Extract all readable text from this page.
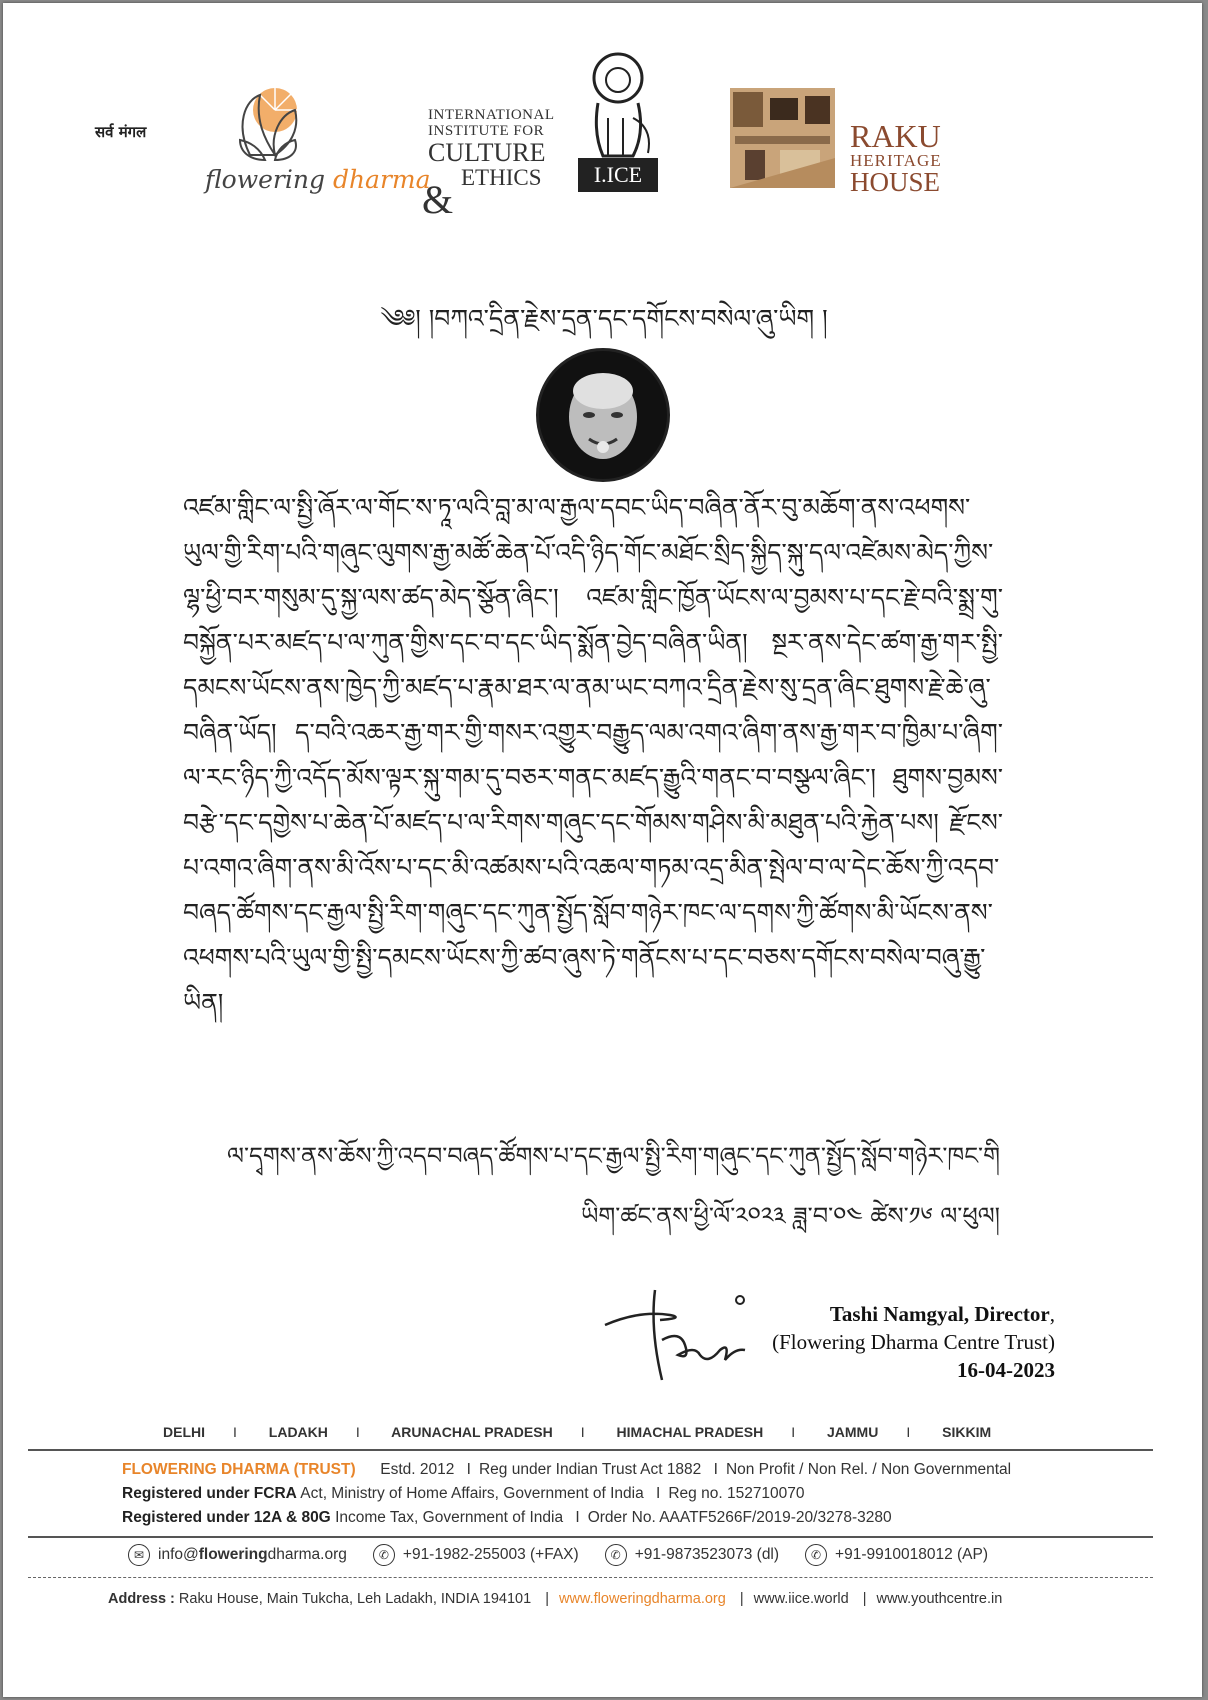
सर्व मंगल
flowering dharma
INTERNATIONAL
INSTITUTE FOR
CULTURE
& ETHICS	I.ICE
RAKU
HERITAGE
HOUSE
༄༅། །བཀའ་དྲིན་རྗེས་དྲན་དང་དགོངས་བསེལ་ཞུ་ཡིག །
འཛམ་གླིང་ལ་སྤྱི་ཞོར་ལ་གོང་ས་ཏཱ་ལའི་བླ་མ་ལ་རྒྱལ་དབང་ཡིད་བཞིན་ནོར་བུ་མཆོག་ནས་འཕགས་ཡུལ་གྱི་རིག་པའི་གཞུང་ལུགས་རྒྱ་མཚོ་ཆེན་པོ་འདི་ཉིད་གོང་མཐོང་སྲིད་སྐྱིད་སྐུ་དལ་འཛེམས་མེད་ཀྱིས་ལྷ་ཕྱི་བར་གསུམ་དུ་སྐྱ་ལས་ཚད་མེད་སྩོན་ཞིང་། འཛམ་གླིང་ཁྱོན་ཡོངས་ལ་བྱམས་པ་དང་རྗེ་བའི་སྨྲ་གུ་བསྐྱོན་པར་མཛད་པ་ལ་ཀུན་གྱིས་དང་བ་དང་ཡིད་སྨོན་བྱེད་བཞིན་ཡིན། སྔར་ནས་དེང་ཚག་རྒྱ་གར་སྤྱི་དམངས་ཡོངས་ནས་ཁྱེད་ཀྱི་མཛད་པ་རྣམ་ཐར་ལ་ནམ་ཡང་བཀའ་དྲིན་རྗེས་སུ་དྲན་ཞིང་ཐུགས་རྗེ་ཆེ་ཞུ་བཞིན་ཡོད། ད་བའི་འཆར་རྒྱ་གར་གྱི་གསར་འགྱུར་བརྒྱུད་ལམ་འགའ་ཞིག་ནས་རྒྱ་གར་བ་ཁྱིམ་པ་ཞིག་ལ་རང་ཉིད་ཀྱི་འདོད་མོས་ལྟར་སྐུ་གམ་དུ་བཅར་གནང་མཛད་རྒྱུའི་གནང་བ་བསྩལ་ཞིང་། ཐུགས་བྱམས་བརྩེ་དང་དགྱེས་པ་ཆེན་པོ་མཛད་པ་ལ་རིགས་གཞུང་དང་གོམས་གཤིས་མི་མཐུན་པའི་རྐྱེན་པས། རྫོངས་པ་འགའ་ཞིག་ནས་མི་འོས་པ་དང་མི་འཚམས་པའི་འཆལ་གཏམ་འདྲ་མིན་སྤེལ་བ་ལ་དེང་ཆོས་ཀྱི་འདབ་བཞད་ཚོགས་དང་རྒྱལ་སྤྱི་རིག་གཞུང་དང་ཀུན་སྤྱོད་སློབ་གཉེར་ཁང་ལ་དགས་ཀྱི་ཚོགས་མི་ཡོངས་ནས་འཕགས་པའི་ཡུལ་གྱི་སྤྱི་དམངས་ཡོངས་ཀྱི་ཚབ་ཞུས་ཏེ་གནོངས་པ་དང་བཅས་དགོངས་བསེལ་བཞུ་རྒྱུ་ཡིན།
ལ་དྭགས་ནས་ཆོས་ཀྱི་འདབ་བཞད་ཚོགས་པ་དང་རྒྱལ་སྤྱི་རིག་གཞུང་དང་ཀུན་སྤྱོད་སློབ་གཉེར་ཁང་གི
ཡིག་ཚང་ནས་ཕྱི་ལོ་༢༠༢༣ ཟླ་བ་༠༤ ཚེས་༡༦ ལ་ཕུལ།
Tashi Namgyal, Director,
(Flowering Dharma Centre Trust)
16-04-2023
DELHI I LADAKH I ARUNACHAL PRADESH I HIMACHAL PRADESH I JAMMU I SIKKIM
FLOWERING DHARMA (TRUST) Estd. 2012 I Reg under Indian Trust Act 1882 I Non Profit / Non Rel. / Non Governmental
Registered under FCRA Act, Ministry of Home Affairs, Government of India I Reg no. 152710070
Registered under 12A & 80G Income Tax, Government of India I Order No. AAATF5266F/2019-20/3278-3280
✉ info@ flowering dharma.org	✆ +91-1982-255003 (+FAX)	✆ +91-9873523073 (dl)	✆ +91-9910018012 (AP)
Address : Raku House, Main Tukcha, Leh Ladakh, INDIA 194101 | www.floweringdharma.org | www.iice.world | www.youthcentre.in
